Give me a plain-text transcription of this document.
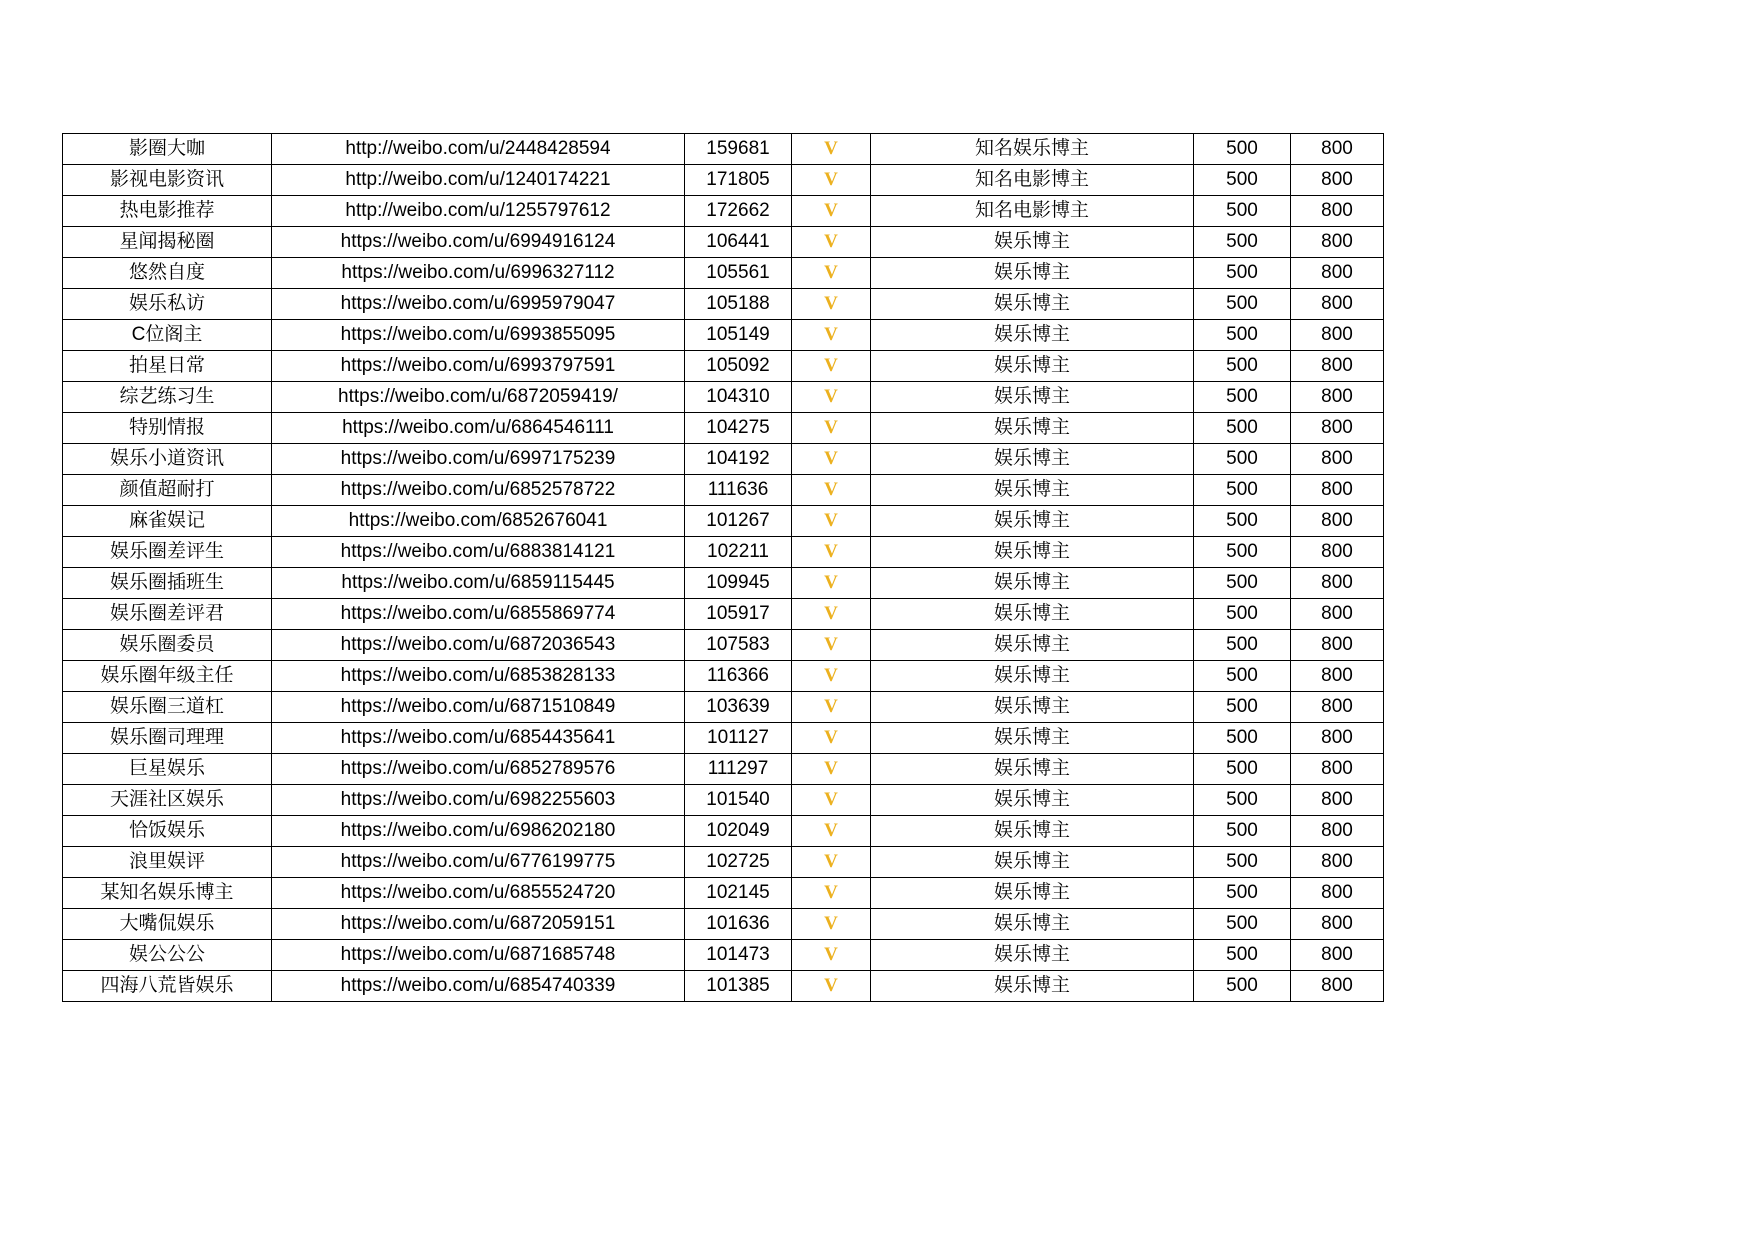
影圈大咖	http://weibo.com/u/2448428594	159681	V	知名娱乐博主	500	800
影视电影资讯	http://weibo.com/u/1240174221	171805	V	知名电影博主	500	800
热电影推荐	http://weibo.com/u/1255797612	172662	V	知名电影博主	500	800
星闻揭秘圈	https://weibo.com/u/6994916124	106441	V	娱乐博主	500	800
悠然自度	https://weibo.com/u/6996327112	105561	V	娱乐博主	500	800
娱乐私访	https://weibo.com/u/6995979047	105188	V	娱乐博主	500	800
C位阁主	https://weibo.com/u/6993855095	105149	V	娱乐博主	500	800
拍星日常	https://weibo.com/u/6993797591	105092	V	娱乐博主	500	800
综艺练习生	https://weibo.com/u/6872059419/	104310	V	娱乐博主	500	800
特别情报	https://weibo.com/u/6864546111	104275	V	娱乐博主	500	800
娱乐小道资讯	https://weibo.com/u/6997175239	104192	V	娱乐博主	500	800
颜值超耐打	https://weibo.com/u/6852578722	111636	V	娱乐博主	500	800
麻雀娱记	https://weibo.com/6852676041	101267	V	娱乐博主	500	800
娱乐圈差评生	https://weibo.com/u/6883814121	102211	V	娱乐博主	500	800
娱乐圈插班生	https://weibo.com/u/6859115445	109945	V	娱乐博主	500	800
娱乐圈差评君	https://weibo.com/u/6855869774	105917	V	娱乐博主	500	800
娱乐圈委员	https://weibo.com/u/6872036543	107583	V	娱乐博主	500	800
娱乐圈年级主任	https://weibo.com/u/6853828133	116366	V	娱乐博主	500	800
娱乐圈三道杠	https://weibo.com/u/6871510849	103639	V	娱乐博主	500	800
娱乐圈司理理	https://weibo.com/u/6854435641	101127	V	娱乐博主	500	800
巨星娱乐	https://weibo.com/u/6852789576	111297	V	娱乐博主	500	800
天涯社区娱乐	https://weibo.com/u/6982255603	101540	V	娱乐博主	500	800
恰饭娱乐	https://weibo.com/u/6986202180	102049	V	娱乐博主	500	800
浪里娱评	https://weibo.com/u/6776199775	102725	V	娱乐博主	500	800
某知名娱乐博主	https://weibo.com/u/6855524720	102145	V	娱乐博主	500	800
大嘴侃娱乐	https://weibo.com/u/6872059151	101636	V	娱乐博主	500	800
娱公公公	https://weibo.com/u/6871685748	101473	V	娱乐博主	500	800
四海八荒皆娱乐	https://weibo.com/u/6854740339	101385	V	娱乐博主	500	800
